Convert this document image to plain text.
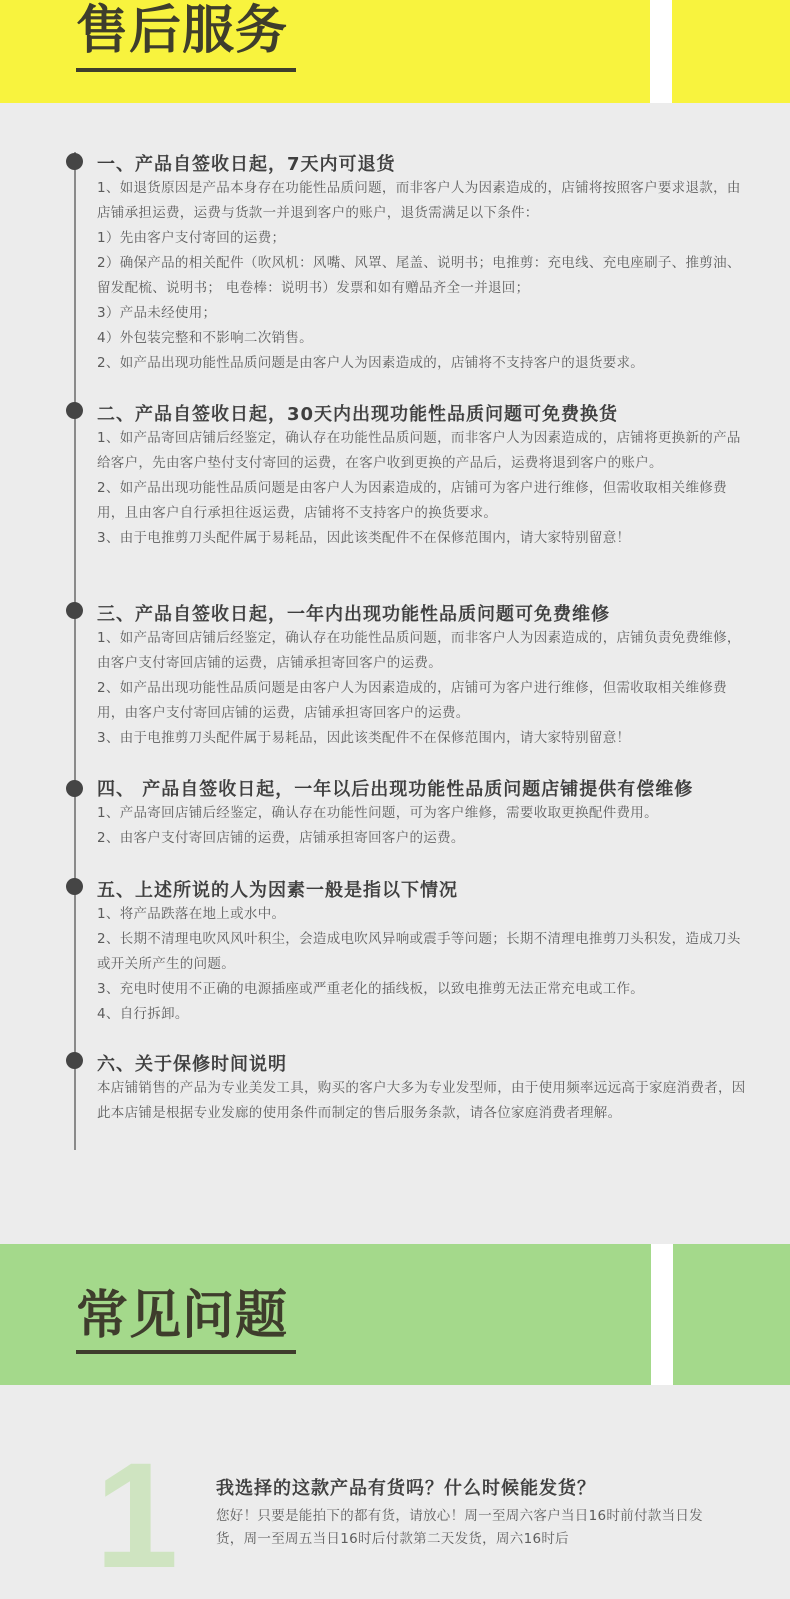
售后服务
一、产品自签收日起，7天内可退货

1、如退货原因是产品本身存在功能性品质问题，而非客户人为因素造成的，店铺将按照客户要求退款，由店铺承担运费，运费与货款一并退到客户的账户，退货需满足以下条件：

1）先由客户支付寄回的运费；

2）确保产品的相关配件（吹风机：风嘴、风罩、尾盖、说明书；电推剪：充电线、充电座刷子、推剪油、留发配梳、说明书； 电卷棒：说明书）发票和如有赠品齐全一并退回；

3）产品未经使用；

4）外包装完整和不影响二次销售。

2、如产品出现功能性品质问题是由客户人为因素造成的，店铺将不支持客户的退货要求。

二、产品自签收日起，30天内出现功能性品质问题可免费换货

1、如产品寄回店铺后经鉴定，确认存在功能性品质问题，而非客户人为因素造成的，店铺将更换新的产品给客户，先由客户垫付支付寄回的运费，在客户收到更换的产品后，运费将退到客户的账户。

2、如产品出现功能性品质问题是由客户人为因素造成的，店铺可为客户进行维修，但需收取相关维修费用，且由客户自行承担往返运费，店铺将不支持客户的换货要求。

3、由于电推剪刀头配件属于易耗品，因此该类配件不在保修范围内，请大家特别留意！

三、产品自签收日起，一年内出现功能性品质问题可免费维修

1、如产品寄回店铺后经鉴定，确认存在功能性品质问题，而非客户人为因素造成的，店铺负责免费维修，由客户支付寄回店铺的运费，店铺承担寄回客户的运费。

2、如产品出现功能性品质问题是由客户人为因素造成的，店铺可为客户进行维修，但需收取相关维修费用，由客户支付寄回店铺的运费，店铺承担寄回客户的运费。

3、由于电推剪刀头配件属于易耗品，因此该类配件不在保修范围内，请大家特别留意！

四、 产品自签收日起，一年以后出现功能性品质问题店铺提供有偿维修

1、产品寄回店铺后经鉴定，确认存在功能性问题，可为客户维修，需要收取更换配件费用。

2、由客户支付寄回店铺的运费，店铺承担寄回客户的运费。

五、上述所说的人为因素一般是指以下情况

1、将产品跌落在地上或水中。

2、长期不清理电吹风风叶积尘，会造成电吹风异响或震手等问题；长期不清理电推剪刀头积发，造成刀头或开关所产生的问题。

3、充电时使用不正确的电源插座或严重老化的插线板，以致电推剪无法正常充电或工作。

4、自行拆卸。

六、关于保修时间说明

本店铺销售的产品为专业美发工具，购买的客户大多为专业发型师，由于使用频率远远高于家庭消费者，因此本店铺是根据专业发廊的使用条件而制定的售后服务条款，请各位家庭消费者理解。

常见问题
1 我选择的这款产品有货吗？什么时候能发货？
您好！只要是能拍下的都有货，请放心！周一至周六客户当日16时前付款当日发货，周一至周五当日16时后付款第二天发货，周六16时后
